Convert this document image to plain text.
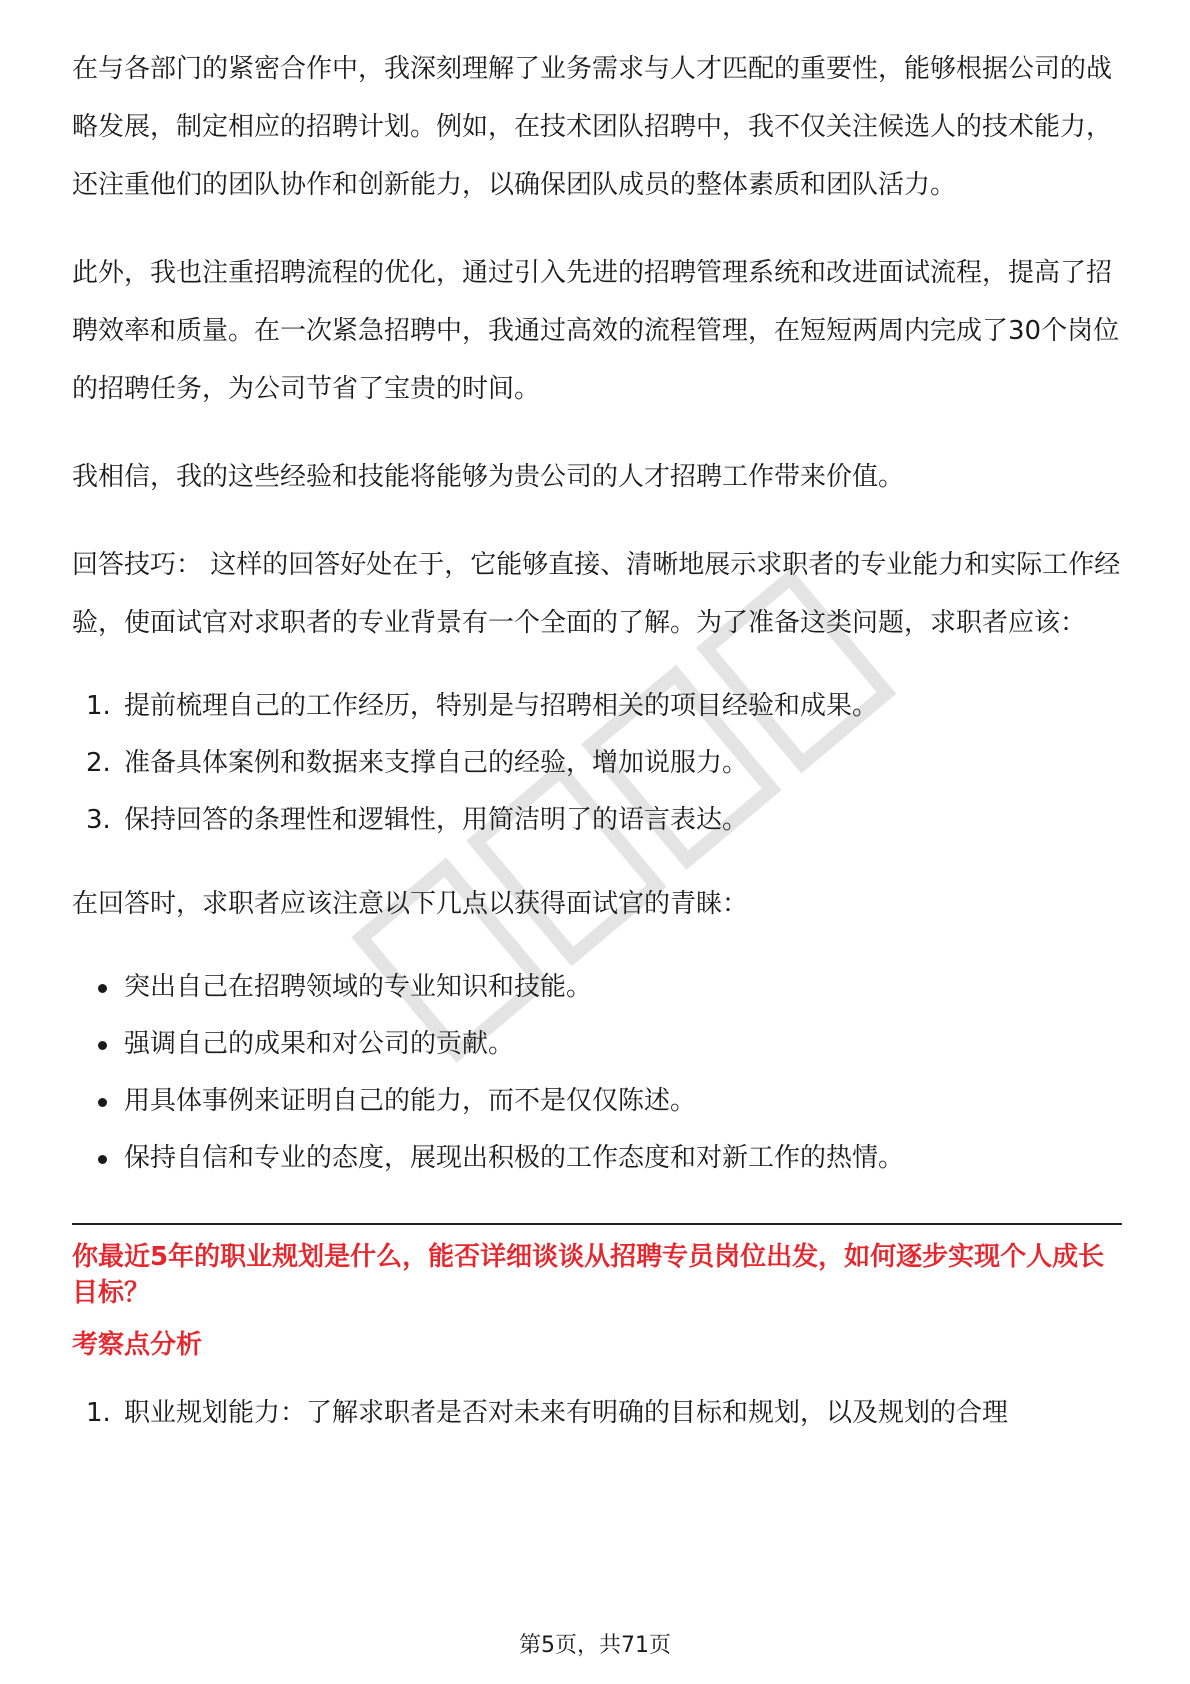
在与各部门的紧密合作中，我深刻理解了业务需求与人才匹配的重要性，能够根据公司的战略发展，制定相应的招聘计划。例如，在技术团队招聘中，我不仅关注候选人的技术能力，还注重他们的团队协作和创新能力，以确保团队成员的整体素质和团队活力。

此外，我也注重招聘流程的优化，通过引入先进的招聘管理系统和改进面试流程，提高了招聘效率和质量。在一次紧急招聘中，我通过高效的流程管理，在短短两周内完成了30个岗位的招聘任务，为公司节省了宝贵的时间。

我相信，我的这些经验和技能将能够为贵公司的人才招聘工作带来价值。

回答技巧： 这样的回答好处在于，它能够直接、清晰地展示求职者的专业能力和实际工作经验，使面试官对求职者的专业背景有一个全面的了解。为了准备这类问题，求职者应该：

1. 提前梳理自己的工作经历，特别是与招聘相关的项目经验和成果。
2. 准备具体案例和数据来支撑自己的经验，增加说服力。
3. 保持回答的条理性和逻辑性，用简洁明了的语言表达。

在回答时，求职者应该注意以下几点以获得面试官的青睐：

突出自己在招聘领域的专业知识和技能。
强调自己的成果和对公司的贡献。
用具体事例来证明自己的能力，而不是仅仅陈述。
保持自信和专业的态度，展现出积极的工作态度和对新工作的热情。

你最近5年的职业规划是什么，能否详细谈谈从招聘专员岗位出发，如何逐步实现个人成长目标？

考察点分析

1. 职业规划能力：了解求职者是否对未来有明确的目标和规划，以及规划的合理
第5页，共71页
